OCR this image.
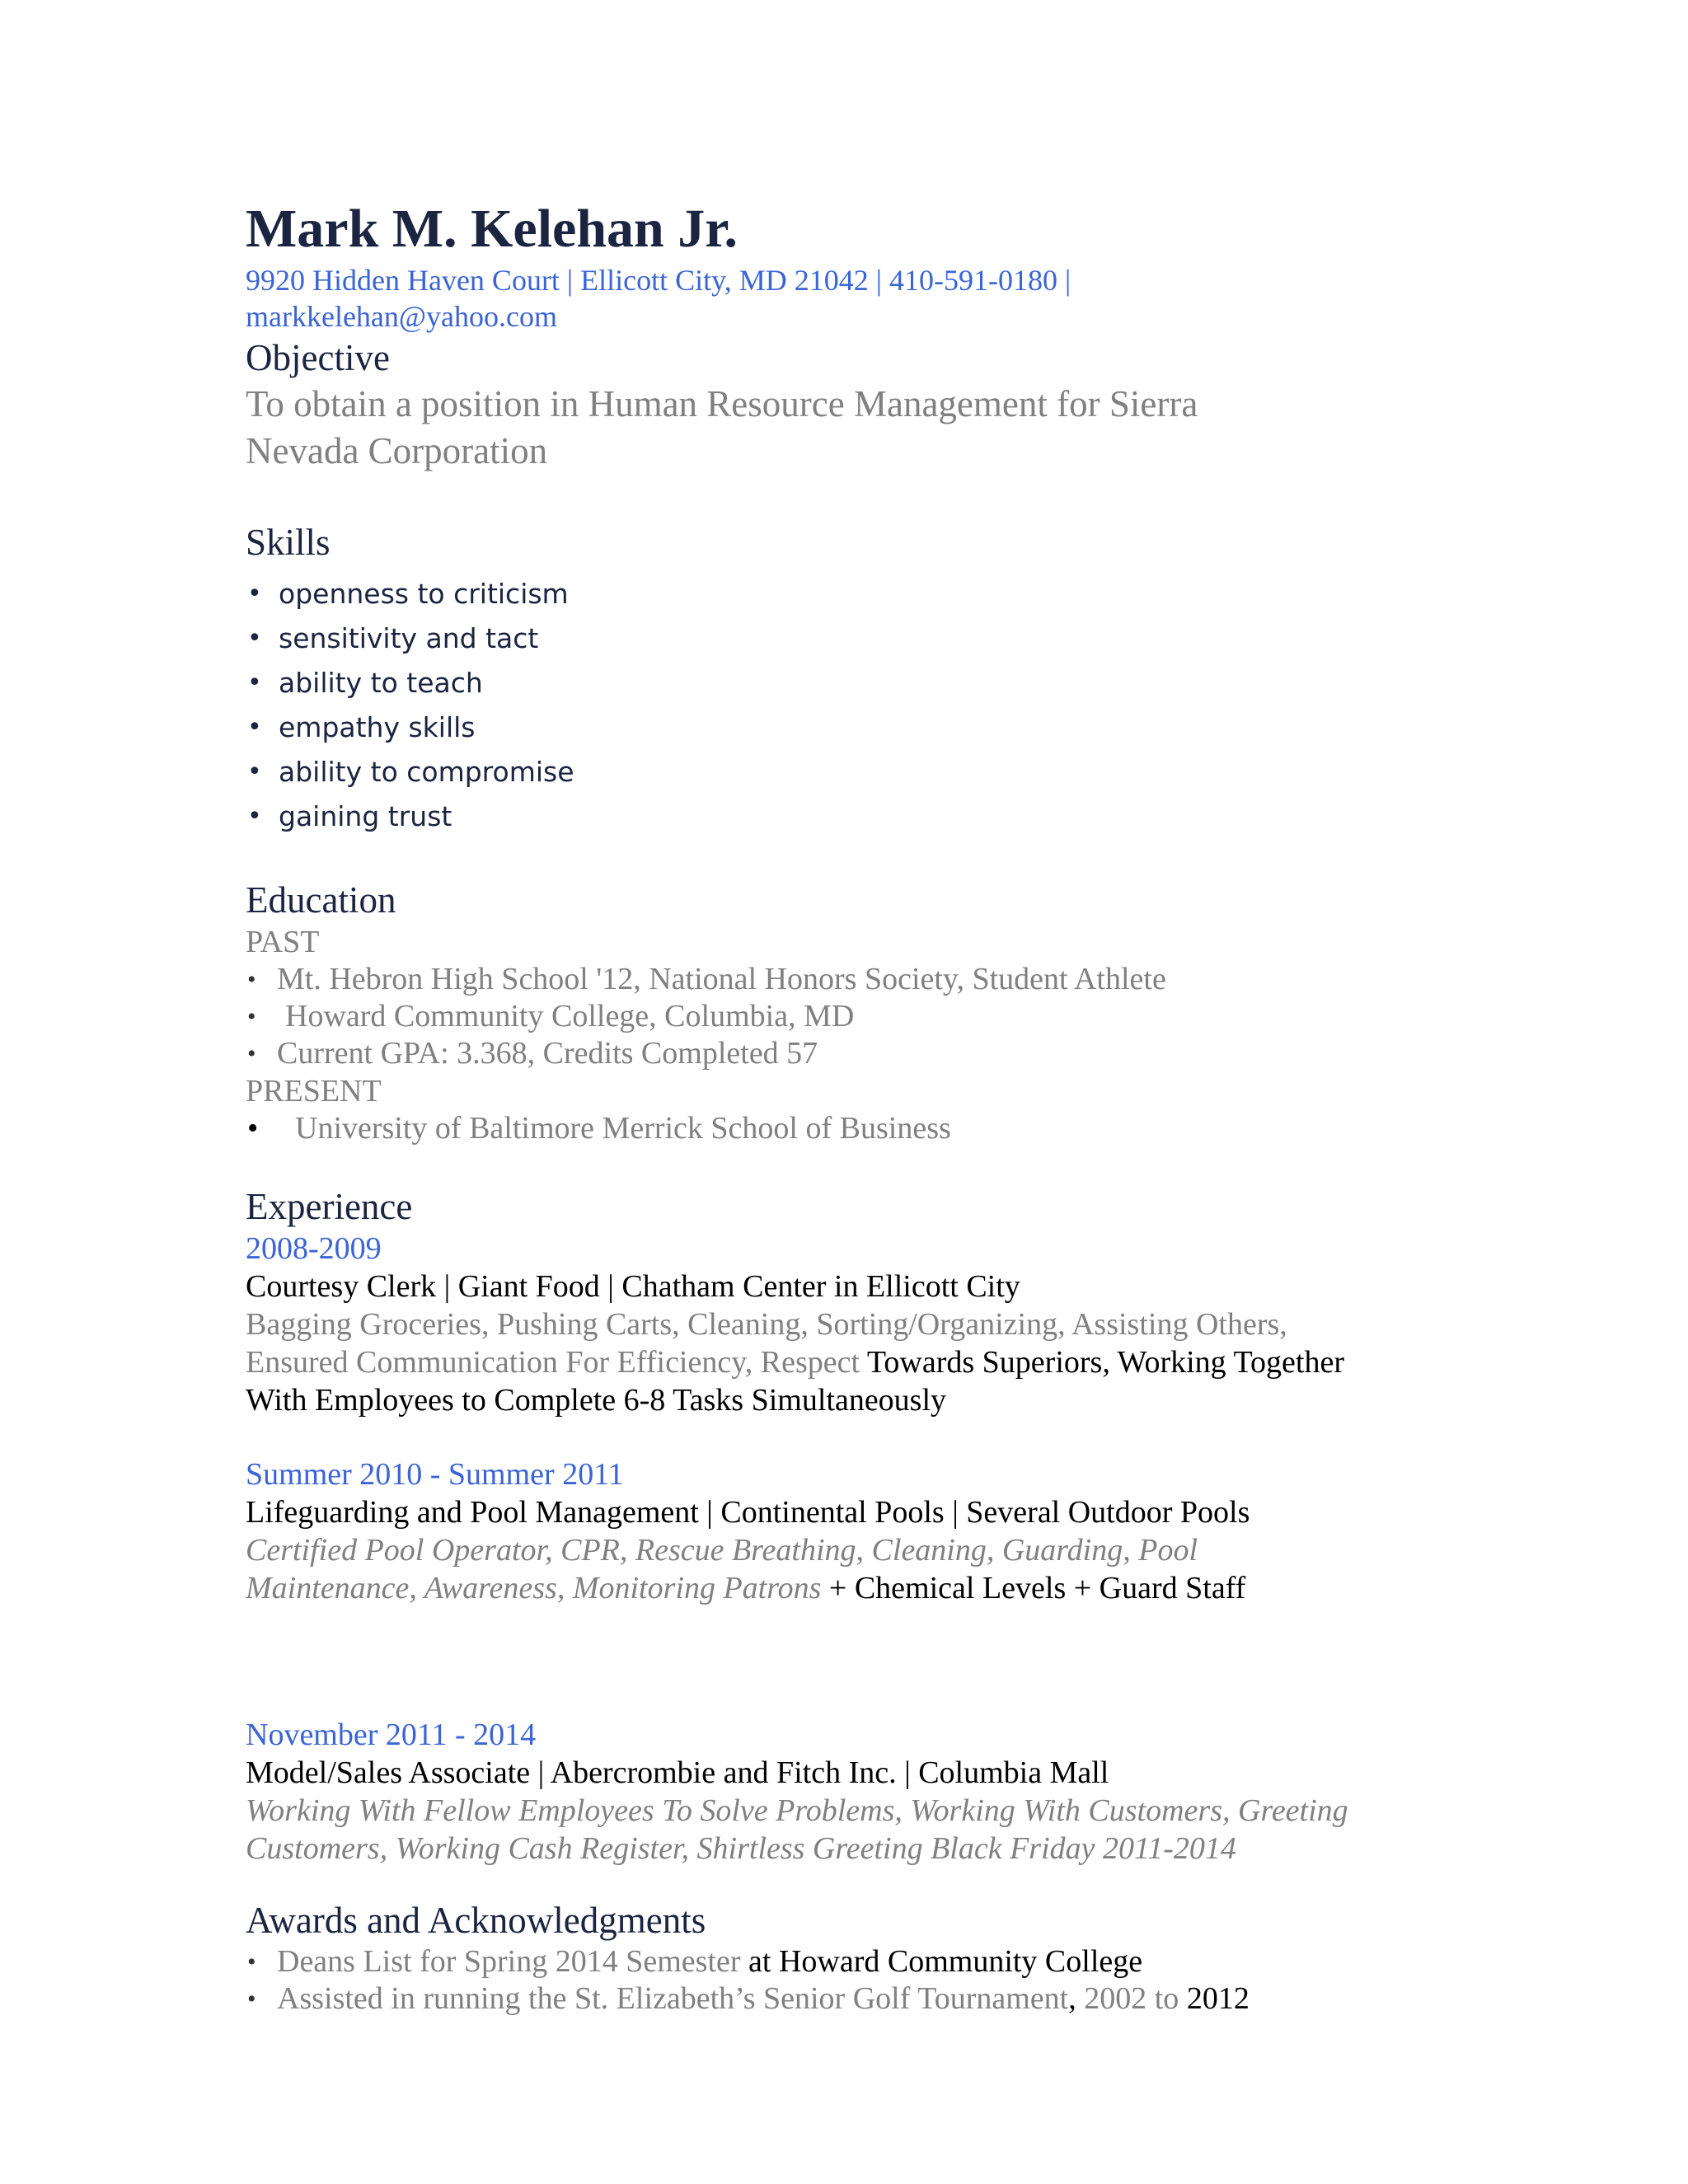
Mark M. Kelehan Jr.
9920 Hidden Haven Court | Ellicott City, MD 21042 | 410-591-0180 |
markkelehan@yahoo.com
Objective
To obtain a position in Human Resource Management for Sierra
Nevada Corporation
Skills
• openness to criticism
• sensitivity and tact
• ability to teach
• empathy skills
• ability to compromise
• gaining trust
Education
PAST
• Mt. Hebron High School '12, National Honors Society, Student Athlete
• Howard Community College, Columbia, MD
• Current GPA: 3.368, Credits Completed 57
PRESENT
• University of Baltimore Merrick School of Business
Experience
2008-2009
Courtesy Clerk | Giant Food | Chatham Center in Ellicott City
Bagging Groceries, Pushing Carts, Cleaning, Sorting/Organizing, Assisting Others,
Ensured Communication For Efficiency, Respect Towards Superiors, Working Together
With Employees to Complete 6-8 Tasks Simultaneously
Summer 2010 - Summer 2011
Lifeguarding and Pool Management | Continental Pools | Several Outdoor Pools
Certified Pool Operator, CPR, Rescue Breathing, Cleaning, Guarding, Pool
Maintenance, Awareness, Monitoring Patrons + Chemical Levels + Guard Staff
November 2011 - 2014
Model/Sales Associate | Abercrombie and Fitch Inc. | Columbia Mall
Working With Fellow Employees To Solve Problems, Working With Customers, Greeting
Customers, Working Cash Register, Shirtless Greeting Black Friday 2011-2014
Awards and Acknowledgments
• Deans List for Spring 2014 Semester at Howard Community College
• Assisted in running the St. Elizabeth’s Senior Golf Tournament, 2002 to 2012
